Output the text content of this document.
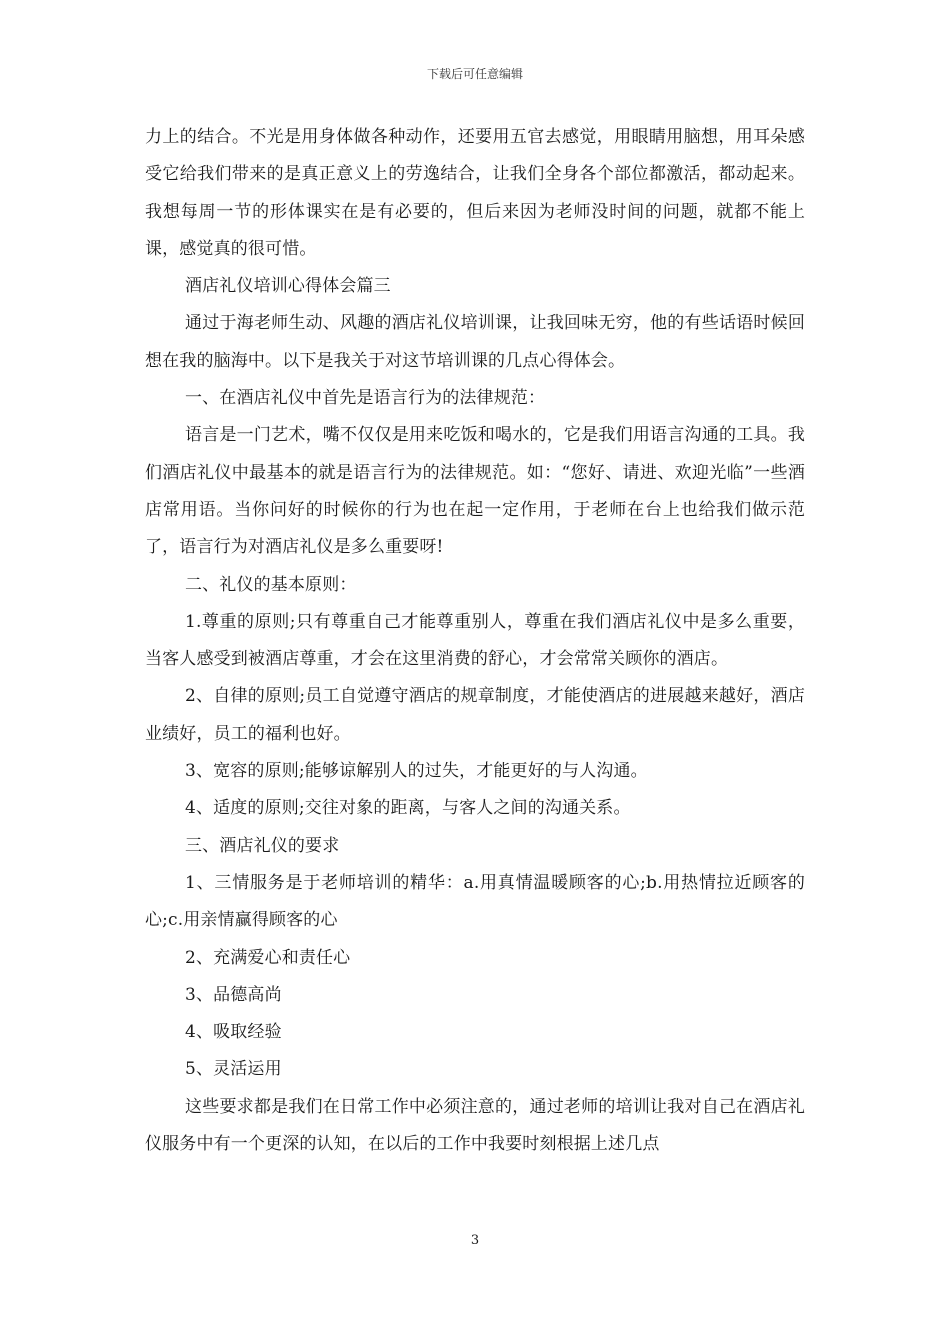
下载后可任意编辑

力上的结合。不光是用身体做各种动作，还要用五官去感觉，用眼睛用脑想，用耳朵感受它给我们带来的是真正意义上的劳逸结合，让我们全身各个部位都激活，都动起来。我想每周一节的形体课实在是有必要的，但后来因为老师没时间的问题，就都不能上课，感觉真的很可惜。

酒店礼仪培训心得体会篇三

通过于海老师生动、风趣的酒店礼仪培训课，让我回味无穷，他的有些话语时候回想在我的脑海中。以下是我关于对这节培训课的几点心得体会。

一、在酒店礼仪中首先是语言行为的法律规范：

语言是一门艺术，嘴不仅仅是用来吃饭和喝水的，它是我们用语言沟通的工具。我们酒店礼仪中最基本的就是语言行为的法律规范。如：“您好、请进、欢迎光临”一些酒店常用语。当你问好的时候你的行为也在起一定作用，于老师在台上也给我们做示范了，语言行为对酒店礼仪是多么重要呀!

二、礼仪的基本原则：

1.尊重的原则;只有尊重自己才能尊重别人，尊重在我们酒店礼仪中是多么重要，当客人感受到被酒店尊重，才会在这里消费的舒心，才会常常关顾你的酒店。

2、自律的原则;员工自觉遵守酒店的规章制度，才能使酒店的进展越来越好，酒店业绩好，员工的福利也好。

3、宽容的原则;能够谅解别人的过失，才能更好的与人沟通。

4、适度的原则;交往对象的距离，与客人之间的沟通关系。

三、酒店礼仪的要求

1、三情服务是于老师培训的精华：a.用真情温暖顾客的心;b.用热情拉近顾客的心;c.用亲情赢得顾客的心

2、充满爱心和责任心

3、品德高尚

4、吸取经验

5、灵活运用

这些要求都是我们在日常工作中必须注意的，通过老师的培训让我对自己在酒店礼仪服务中有一个更深的认知，在以后的工作中我要时刻根据上述几点

3
